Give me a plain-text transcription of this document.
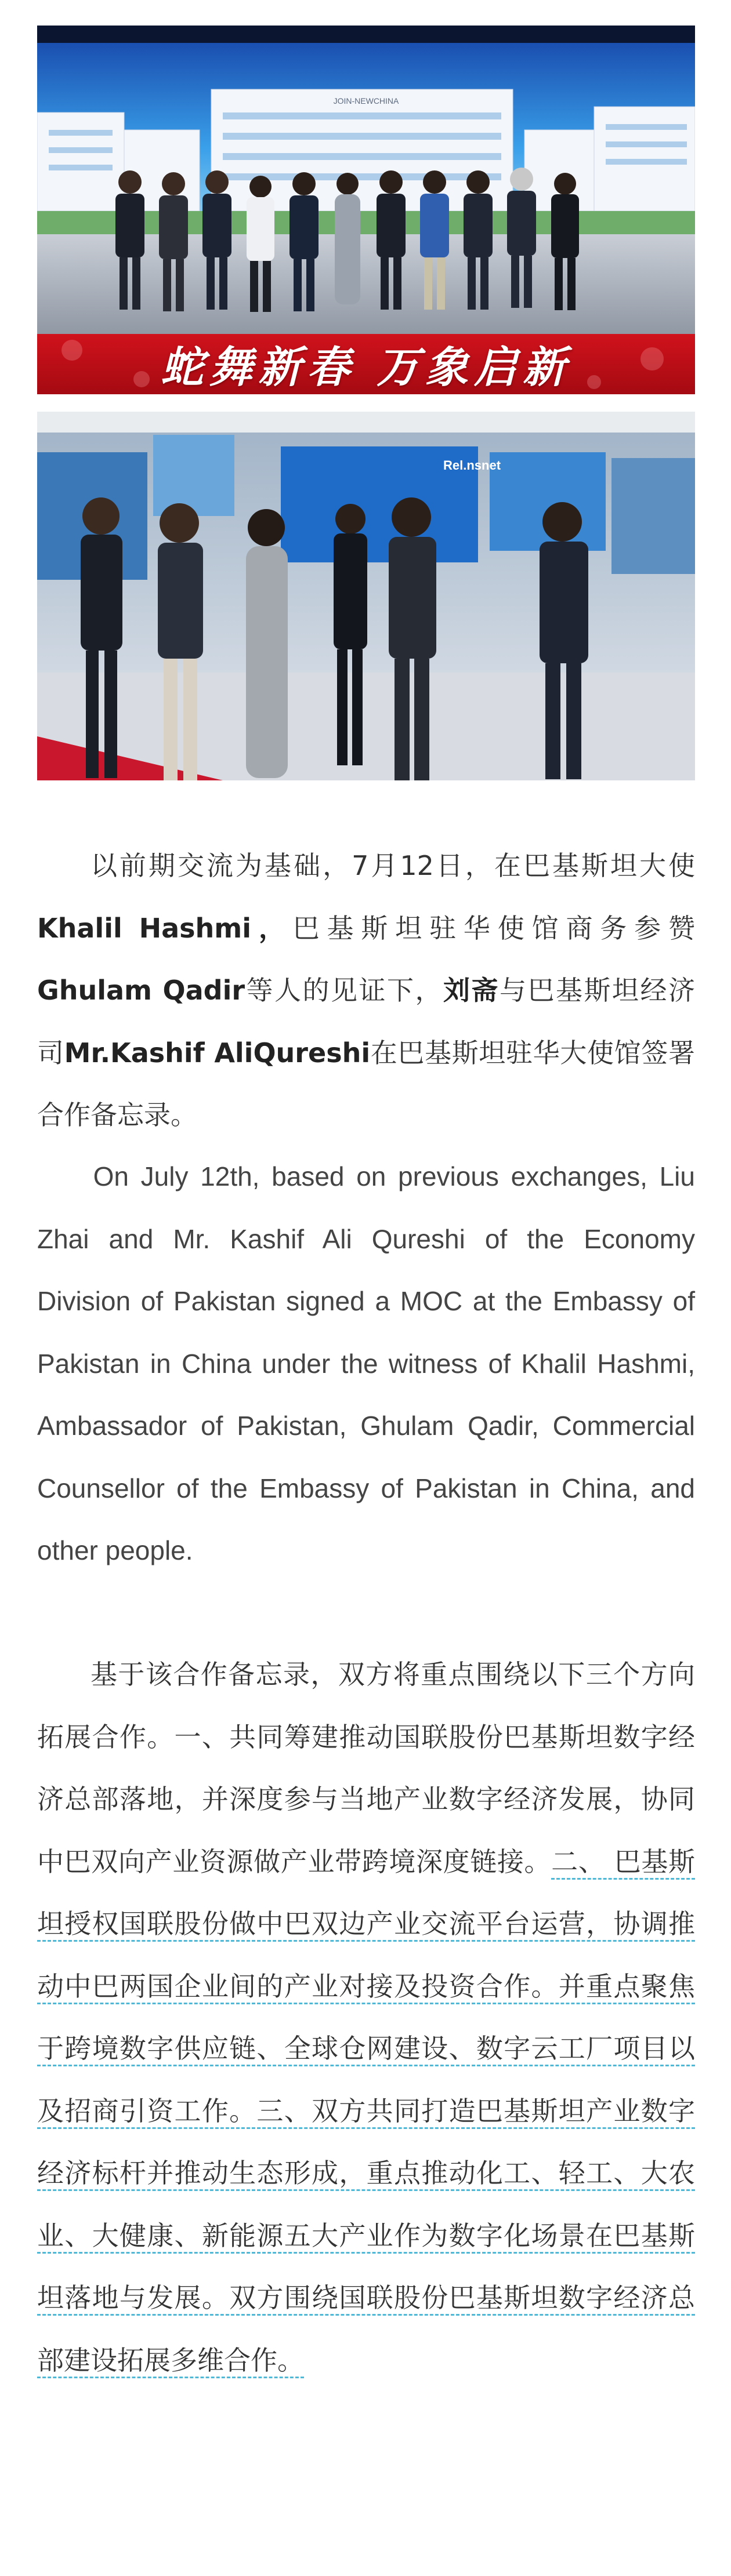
JOIN-NEWCHINA
蛇舞新春 万象启新
Rel.nsnet

以前期交流为基础，7月12日，在巴基斯坦大使Khalil Hashmi，巴基斯坦驻华使馆商务参赞Ghulam Qadir等人的见证下，刘斋与巴基斯坦经济司Mr.Kashif AliQureshi在巴基斯坦驻华大使馆签署合作备忘录。

On July 12th, based on previous exchanges, Liu Zhai and Mr. Kashif Ali Qureshi of the Economy Division of Pakistan signed a MOC at the Embassy of Pakistan in China under the witness of Khalil Hashmi, Ambassador of Pakistan, Ghulam Qadir, Commercial Counsellor of the Embassy of Pakistan in China, and other people.

基于该合作备忘录，双方将重点围绕以下三个方向拓展合作。一、共同筹建推动国联股份巴基斯坦数字经济总部落地，并深度参与当地产业数字经济发展，协同中巴双向产业资源做产业带跨境深度链接。二、 巴基斯坦授权国联股份做中巴双边产业交流平台运营，协调推动中巴两国企业间的产业对接及投资合作。并重点聚焦于跨境数字供应链、全球仓网建设、数字云工厂项目以及招商引资工作。三、双方共同打造巴基斯坦产业数字经济标杆并推动生态形成，重点推动化工、轻工、大农业、大健康、新能源五大产业作为数字化场景在巴基斯坦落地与发展。双方围绕国联股份巴基斯坦数字经济总部建设拓展多维合作。
